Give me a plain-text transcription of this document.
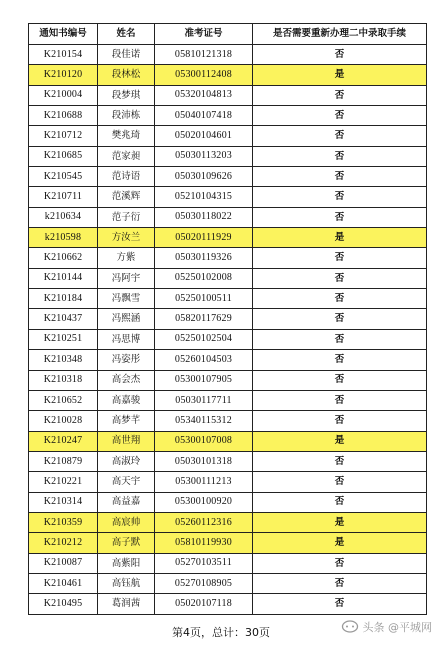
通知书编号	姓名	准考证号	是否需要重新办理二中录取手续
K210154	段佳诺	05810121318	否
K210120	段林松	05300112408	是
K210004	段梦琪	05320104813	否
K210688	段沛栋	05040107418	否
K210712	樊兆琦	05020104601	否
K210685	范家昶	05030113203	否
K210545	范诗语	05030109626	否
K210711	范溪辉	05210104315	否
k210634	范子衍	05030118022	否
k210598	方汝兰	05020111929	是
K210662	方紫	05030119326	否
K210144	冯阿宇	05250102008	否
K210184	冯飘雪	05250100511	否
K210437	冯熙涵	05820117629	否
K210251	冯思博	05250102504	否
K210348	冯姿彤	05260104503	否
K210318	高会杰	05300107905	否
K210652	高嘉骏	05030117711	否
K210028	高梦芊	05340115312	否
K210247	高世翔	05300107008	是
K210879	高淑玲	05030101318	否
K210221	高天宇	05300111213	否
K210314	高益嘉	05300100920	否
K210359	高宸帅	05260112316	是
K210212	高子默	05810119930	是
K210087	高紫阳	05270103511	否
K210461	高钰航	05270108905	否
K210495	葛润茜	05020107118	否
第4页，总计：30页	头条 @平城网
